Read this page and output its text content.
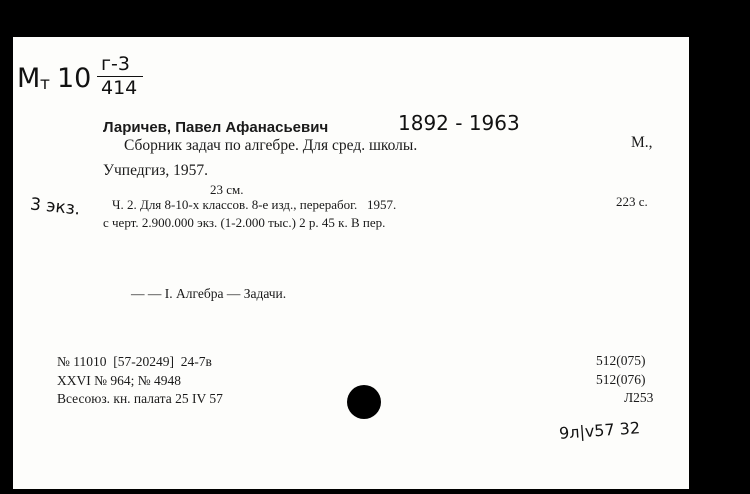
М

т

10

г-3

414

Ларичев, Павел Афанасьевич	1892 - 1963
Сборник задач по алгебре. Для сред. школы.	М.,
Учпедгиз, 1957.
23 см.
3 экз. Ч. 2. Для 8-10-х классов. 8-е изд., перерабог.   1957.	223 с.
с черт. 2.900.000 экз. (1-2.000 тыс.) 2 р. 45 к. В пер.
— — I. Алгебра — Задачи.
№ 11010  [57-20249]  24-7в
XXVI № 964; № 4948
Всесоюз. кн. палата 25 IV 57
512(075)
512(076)
Л253
9л|v57 32
